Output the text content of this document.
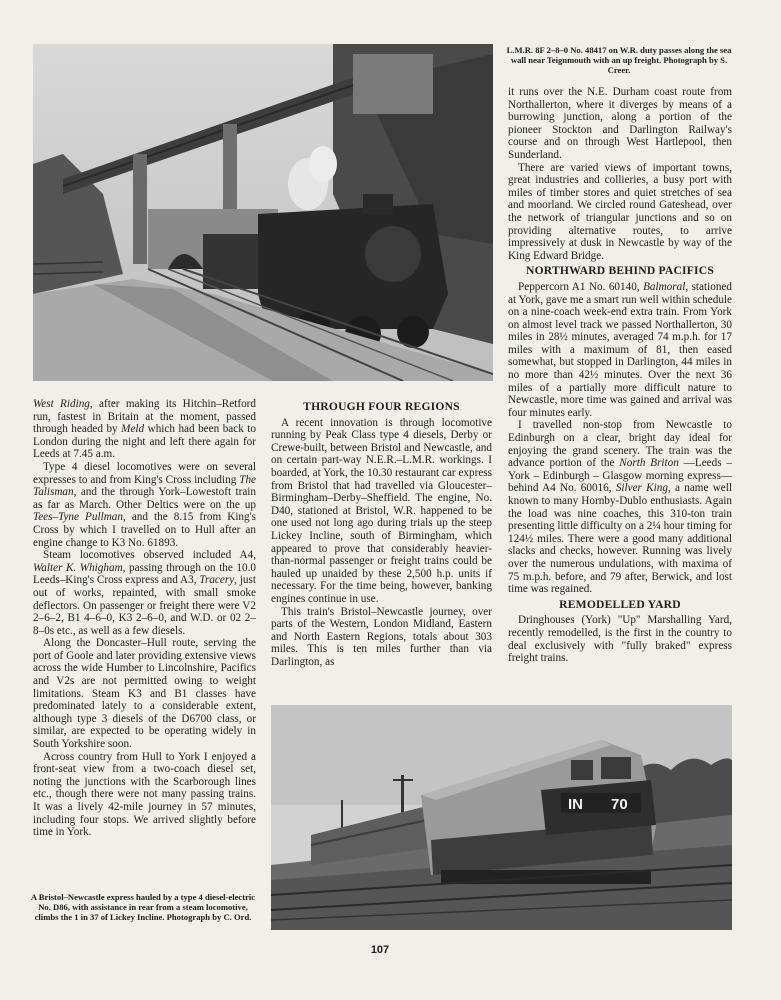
L.M.R. 8F 2–8–0 No. 48417 on W.R. duty passes along the sea wall near Teignmouth with an up freight. Photograph by S. Creer.

West Riding, after making its Hitchin–Retford run, fastest in Britain at the moment, passed through headed by Meld which had been back to London during the night and left there again for Leeds at 7.45 a.m.

Type 4 diesel locomotives were on several expresses to and from King's Cross including The Talisman, and the through York–Lowestoft train as far as March. Other Deltics were on the up Tees–Tyne Pullman, and the 8.15 from King's Cross by which I travelled on to Hull after an engine change to K3 No. 61893.

Steam locomotives observed included A4, Walter K. Whigham, passing through on the 10.0 Leeds–King's Cross express and A3, Tracery, just out of works, repainted, with small smoke deflectors. On passenger or freight there were V2 2–6–2, B1 4–6–0, K3 2–6–0, and W.D. or 02 2–8–0s etc., as well as a few diesels.

Along the Doncaster–Hull route, serving the port of Goole and later providing extensive views across the wide Humber to Lincolnshire, Pacifics and V2s are not permitted owing to weight limitations. Steam K3 and B1 classes have predominated lately to a considerable extent, although type 3 diesels of the D6700 class, or similar, are expected to be operating widely in South Yorkshire soon.

Across country from Hull to York I enjoyed a front-seat view from a two-coach diesel set, noting the junctions with the Scarborough lines etc., though there were not many passing trains. It was a lively 42-mile journey in 57 minutes, including four stops. We arrived slightly before time in York.

A Bristol–Newcastle express hauled by a type 4 diesel-electric No. D86, with assistance in rear from a steam locomotive, climbs the 1 in 37 of Lickey Incline. Photograph by C. Ord.
THROUGH FOUR REGIONS

A recent innovation is through locomotive running by Peak Class type 4 diesels, Derby or Crewe-built, between Bristol and Newcastle, and on certain part-way N.E.R.–L.M.R. workings. I boarded, at York, the 10.30 restaurant car express from Bristol that had travelled via Gloucester–Birmingham–Derby–Sheffield. The engine, No. D40, stationed at Bristol, W.R. happened to be one used not long ago during trials up the steep Lickey Incline, south of Birmingham, which appeared to prove that considerably heavier-than-normal passenger or freight trains could be hauled up unaided by these 2,500 h.p. units if necessary. For the time being, however, banking engines continue in use.

This train's Bristol–Newcastle journey, over parts of the Western, London Midland, Eastern and North Eastern Regions, totals about 303 miles. This is ten miles further than via Darlington, as

it runs over the N.E. Durham coast route from Northallerton, where it diverges by means of a burrowing junction, along a portion of the pioneer Stockton and Darlington Railway's course and on through West Hartlepool, then Sunderland.

There are varied views of important towns, great industries and collieries, a busy port with miles of timber stores and quiet stretches of sea and moorland. We circled round Gateshead, over the network of triangular junctions and so on providing alternative routes, to arrive impressively at dusk in Newcastle by way of the King Edward Bridge.

NORTHWARD BEHIND PACIFICS

Peppercorn A1 No. 60140, Balmoral, stationed at York, gave me a smart run well within schedule on a nine-coach week-end extra train. From York on almost level track we passed Northallerton, 30 miles in 28½ minutes, averaged 74 m.p.h. for 17 miles with a maximum of 81, then eased somewhat, but stopped in Darlington, 44 miles in no more than 42½ minutes. Over the next 36 miles of a partially more difficult nature to Newcastle, more time was gained and arrival was four minutes early.

I travelled non-stop from Newcastle to Edinburgh on a clear, bright day ideal for enjoying the grand scenery. The train was the advance portion of the North Briton —Leeds – York – Edinburgh – Glasgow morning express—behind A4 No. 60016, Silver King, a name well known to many Hornby-Dublo enthusiasts. Again the load was nine coaches, this 310-ton train presenting little difficulty on a 2¼ hour timing for 124½ miles. There were a good many additional slacks and checks, however. Running was lively over the numerous undulations, with maxima of 75 m.p.h. before, and 79 after, Berwick, and lost time was regained.

REMODELLED YARD

Dringhouses (York) "Up" Marshalling Yard, recently remodelled, is the first in the country to deal exclusively with "fully braked" express freight trains.

IN 70
107
